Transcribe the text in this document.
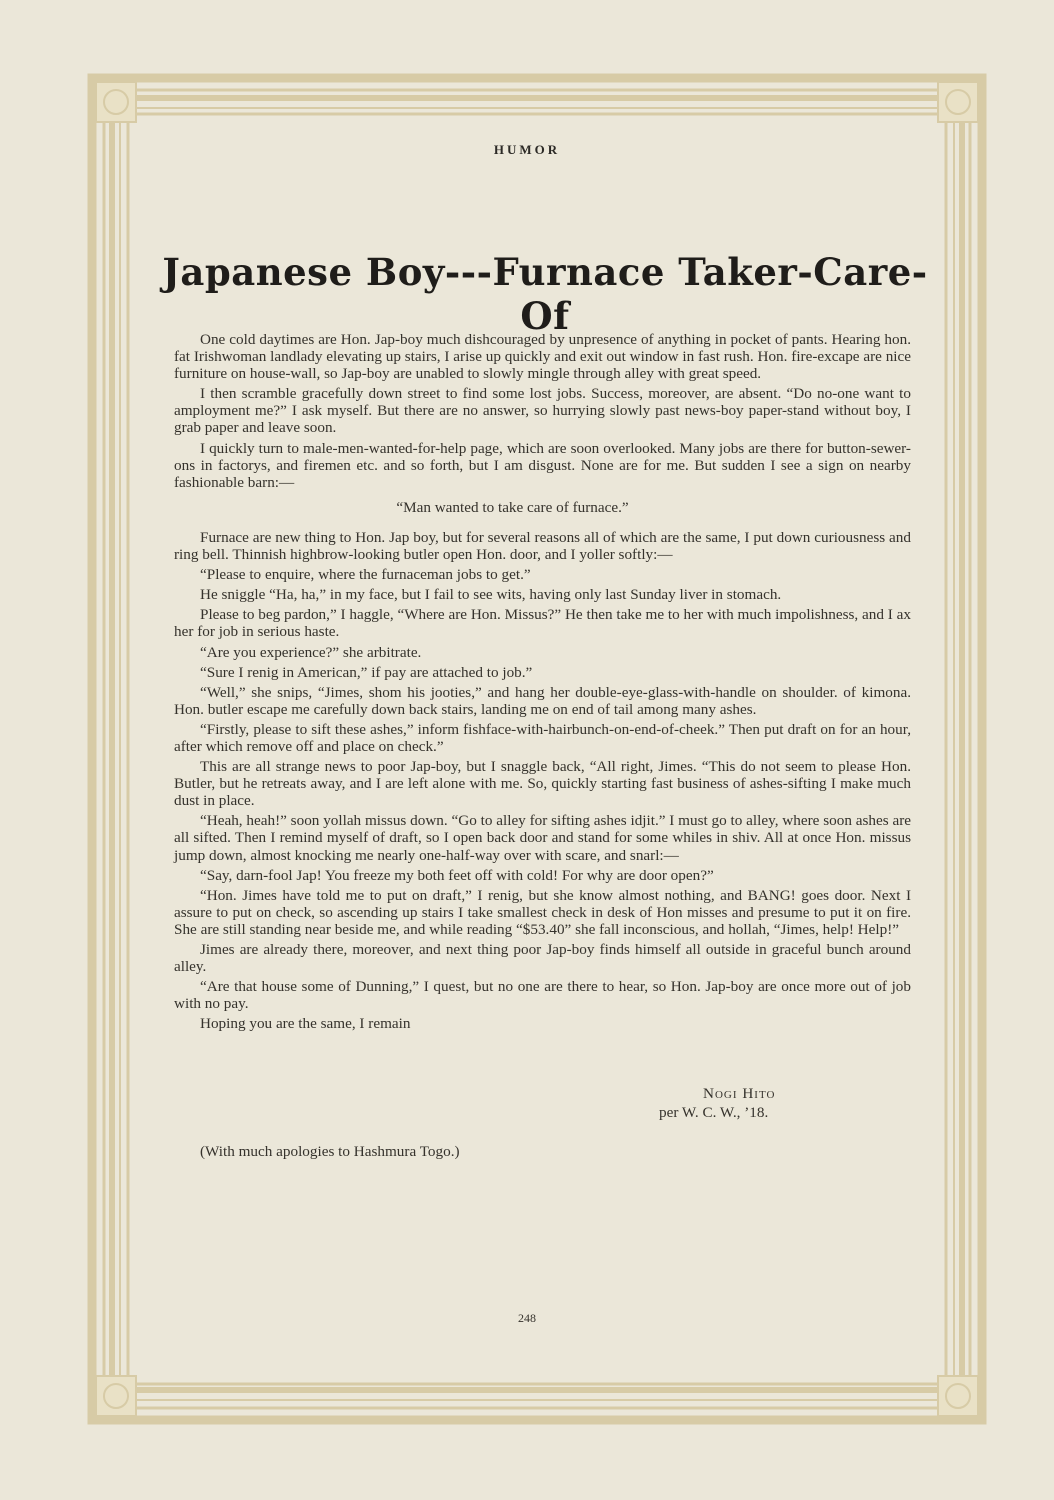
HUMOR
Japanese Boy---Furnace Taker-Care-Of

One cold daytimes are Hon. Jap-boy much dishcouraged by unpresence of anything in pocket of pants. Hearing hon. fat Irishwoman landlady elevating up stairs, I arise up quickly and exit out window in fast rush. Hon. fire-excape are nice furniture on house-wall, so Jap-boy are unabled to slowly mingle through alley with great speed.

I then scramble gracefully down street to find some lost jobs. Success, moreover, are absent. “Do no-one want to amployment me?” I ask myself. But there are no answer, so hurrying slowly past news-boy paper-stand without boy, I grab paper and leave soon.

I quickly turn to male-men-wanted-for-help page, which are soon overlooked. Many jobs are there for button-sewer-ons in factorys, and firemen etc. and so forth, but I am disgust. None are for me. But sudden I see a sign on nearby fashionable barn:—

“Man wanted to take care of furnace.”

Furnace are new thing to Hon. Jap boy, but for several reasons all of which are the same, I put down curiousness and ring bell. Thinnish highbrow-looking butler open Hon. door, and I yoller softly:—

“Please to enquire, where the furnaceman jobs to get.”

He sniggle “Ha, ha,” in my face, but I fail to see wits, having only last Sunday liver in stomach.

Please to beg pardon,” I haggle, “Where are Hon. Missus?” He then take me to her with much impolishness, and I ax her for job in serious haste.

“Are you experience?” she arbitrate.

“Sure I renig in American,” if pay are attached to job.”

“Well,” she snips, “Jimes, shom his jooties,” and hang her double-eye-glass-with-handle on shoulder. of kimona. Hon. butler escape me carefully down back stairs, landing me on end of tail among many ashes.

“Firstly, please to sift these ashes,” inform fishface-with-hairbunch-on-end-of-cheek.” Then put draft on for an hour, after which remove off and place on check.”

This are all strange news to poor Jap-boy, but I snaggle back, “All right, Jimes. “This do not seem to please Hon. Butler, but he retreats away, and I are left alone with me. So, quickly starting fast business of ashes-sifting I make much dust in place.

“Heah, heah!” soon yollah missus down. “Go to alley for sifting ashes idjit.” I must go to alley, where soon ashes are all sifted. Then I remind myself of draft, so I open back door and stand for some whiles in shiv. All at once Hon. missus jump down, almost knocking me nearly one-half-way over with scare, and snarl:—

“Say, darn-fool Jap! You freeze my both feet off with cold! For why are door open?”

“Hon. Jimes have told me to put on draft,” I renig, but she know almost nothing, and BANG! goes door. Next I assure to put on check, so ascending up stairs I take smallest check in desk of Hon misses and presume to put it on fire. She are still standing near beside me, and while reading “$53.40” she fall inconscious, and hollah, “Jimes, help! Help!”

Jimes are already there, moreover, and next thing poor Jap-boy finds himself all outside in graceful bunch around alley.

“Are that house some of Dunning,” I quest, but no one are there to hear, so Hon. Jap-boy are once more out of job with no pay.

Hoping you are the same, I remain

Nogi Hito
per W. C. W., ’18.
(With much apologies to Hashmura Togo.)
248
